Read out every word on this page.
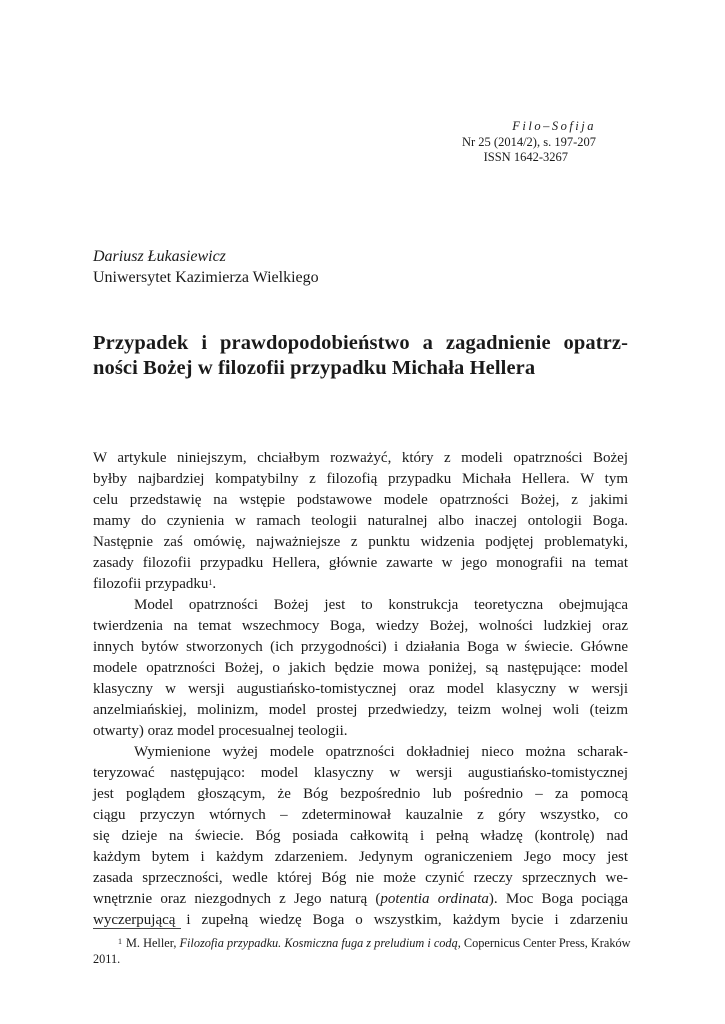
Filo–Sofija
Nr 25 (2014/2), s. 197-207
ISSN 1642-3267
Dariusz Łukasiewicz
Uniwersytet Kazimierza Wielkiego
Przypadek i prawdopodobieństwo a zagadnienie opatrz-
ności Bożej w filozofii przypadku Michała Hellera
W artykule niniejszym, chciałbym rozważyć, który z modeli opatrzności Bożej
byłby najbardziej kompatybilny z filozofią przypadku Michała Hellera. W tym
celu przedstawię na wstępie podstawowe modele opatrzności Bożej, z jakimi
mamy do czynienia w ramach teologii naturalnej albo inaczej ontologii Boga.
Następnie zaś omówię, najważniejsze z punktu widzenia podjętej problematyki,
zasady filozofii przypadku Hellera, głównie zawarte w jego monografii na temat
filozofii przypadku$^1$.
Model opatrzności Bożej jest to konstrukcja teoretyczna obejmująca
twierdzenia na temat wszechmocy Boga, wiedzy Bożej, wolności ludzkiej oraz
innych bytów stworzonych (ich przygodności) i działania Boga w świecie. Główne
modele opatrzności Bożej, o jakich będzie mowa poniżej, są następujące: model
klasyczny w wersji augustiańsko-tomistycznej oraz model klasyczny w wersji
anzelmiańskiej, molinizm, model prostej przedwiedzy, teizm wolnej woli (teizm
otwarty) oraz model procesualnej teologii.
Wymienione wyżej modele opatrzności dokładniej nieco można scharak-
teryzować następująco: model klasyczny w wersji augustiańsko-tomistycznej
jest poglądem głoszącym, że Bóg bezpośrednio lub pośrednio – za pomocą
ciągu przyczyn wtórnych – zdeterminował kauzalnie z góry wszystko, co
się dzieje na świecie. Bóg posiada całkowitą i pełną władzę (kontrolę) nad
każdym bytem i każdym zdarzeniem. Jedynym ograniczeniem Jego mocy jest
zasada sprzeczności, wedle której Bóg nie może czynić rzeczy sprzecznych we-
wnętrznie oraz niezgodnych z Jego naturą (potentia ordinata). Moc Boga pociąga
wyczerpującą i zupełną wiedzę Boga o wszystkim, każdym bycie i zdarzeniu
$^1$ M. Heller, Filozofia przypadku. Kosmiczna fuga z preludium i codą, Copernicus Center Press, Kraków
2011.
